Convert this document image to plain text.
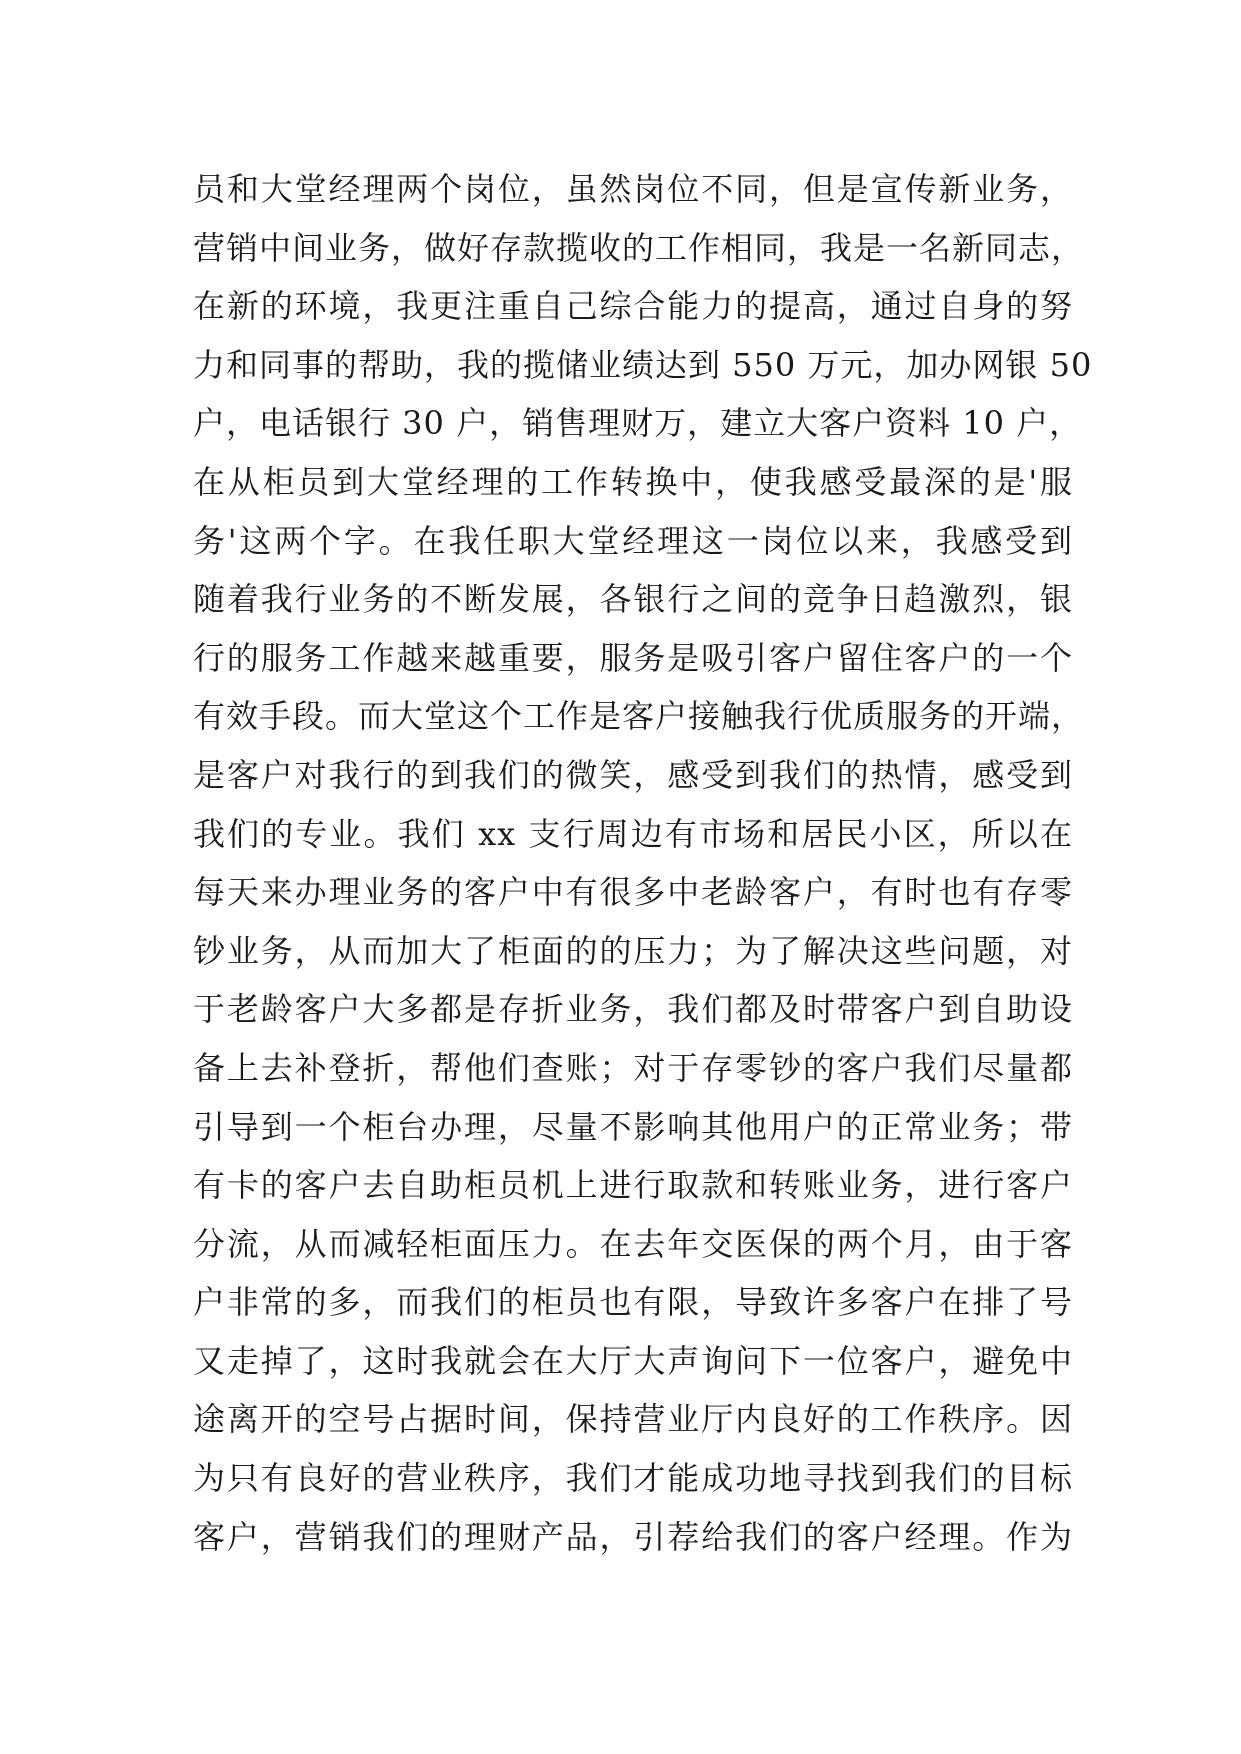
员和大堂经理两个岗位，虽然岗位不同，但是宣传新业务，
营销中间业务，做好存款揽收的工作相同，我是一名新同志，
在新的环境，我更注重自己综合能力的提高，通过自身的努
力和同事的帮助，我的揽储业绩达到 550 万元，加办网银 50
户，电话银行 30 户，销售理财万，建立大客户资料 10 户，
在从柜员到大堂经理的工作转换中，使我感受最深的是'服
务'这两个字。在我任职大堂经理这一岗位以来，我感受到
随着我行业务的不断发展，各银行之间的竞争日趋激烈，银
行的服务工作越来越重要，服务是吸引客户留住客户的一个
有效手段。而大堂这个工作是客户接触我行优质服务的开端，
是客户对我行的到我们的微笑，感受到我们的热情，感受到
我们的专业。我们 xx 支行周边有市场和居民小区，所以在
每天来办理业务的客户中有很多中老龄客户，有时也有存零
钞业务，从而加大了柜面的的压力；为了解决这些问题，对
于老龄客户大多都是存折业务，我们都及时带客户到自助设
备上去补登折，帮他们查账；对于存零钞的客户我们尽量都
引导到一个柜台办理，尽量不影响其他用户的正常业务；带
有卡的客户去自助柜员机上进行取款和转账业务，进行客户
分流，从而减轻柜面压力。在去年交医保的两个月，由于客
户非常的多，而我们的柜员也有限，导致许多客户在排了号
又走掉了，这时我就会在大厅大声询问下一位客户，避免中
途离开的空号占据时间，保持营业厅内良好的工作秩序。因
为只有良好的营业秩序，我们才能成功地寻找到我们的目标
客户，营销我们的理财产品，引荐给我们的客户经理。作为
